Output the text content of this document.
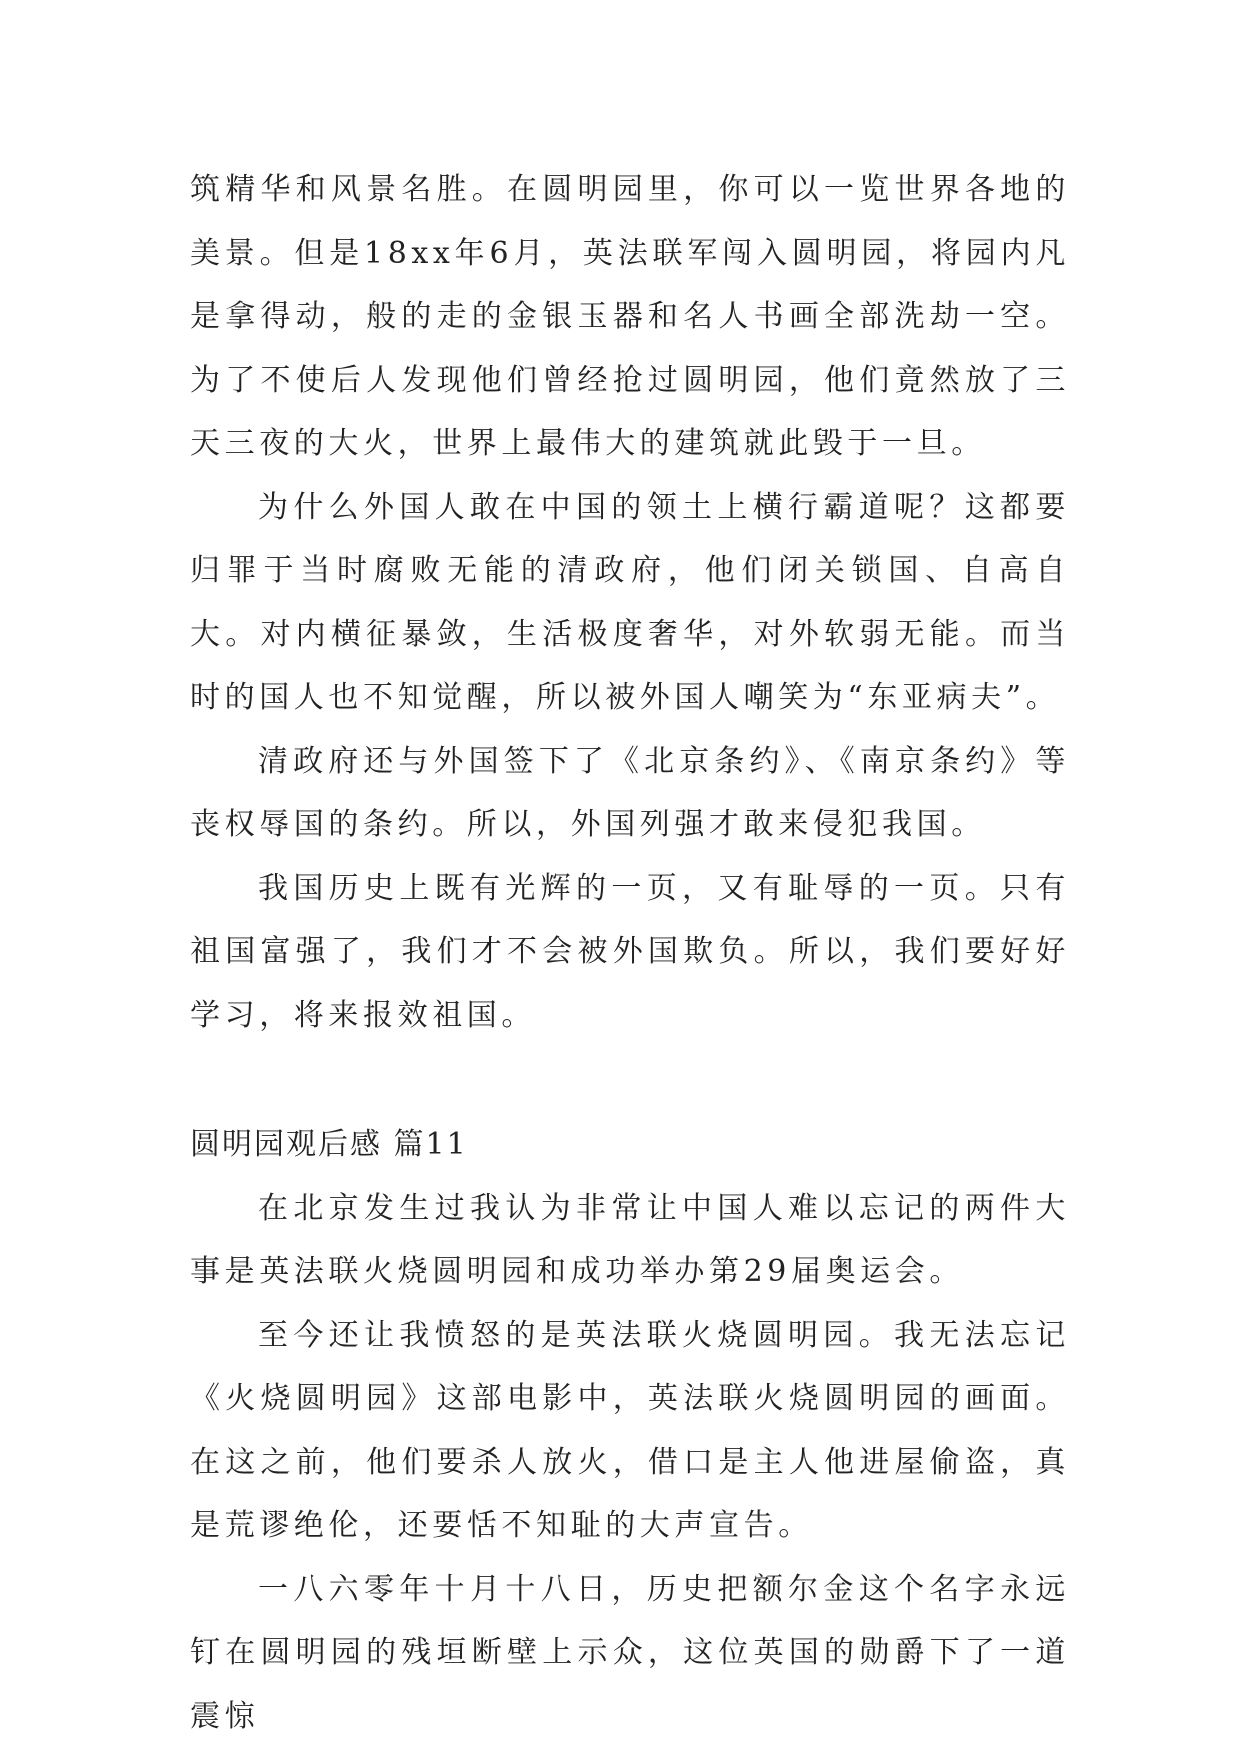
筑精华和风景名胜。在圆明园里，你可以一览世界各地的美景。但是18xx年6月，英法联军闯入圆明园，将园内凡是拿得动，般的走的金银玉器和名人书画全部洗劫一空。为了不使后人发现他们曾经抢过圆明园，他们竟然放了三天三夜的大火，世界上最伟大的建筑就此毁于一旦。

为什么外国人敢在中国的领土上横行霸道呢？这都要归罪于当时腐败无能的清政府，他们闭关锁国、自高自大。对内横征暴敛，生活极度奢华，对外软弱无能。而当时的国人也不知觉醒，所以被外国人嘲笑为“东亚病夫”。

清政府还与外国签下了《北京条约》、《南京条约》等丧权辱国的条约。所以，外国列强才敢来侵犯我国。

我国历史上既有光辉的一页，又有耻辱的一页。只有祖国富强了，我们才不会被外国欺负。所以，我们要好好学习，将来报效祖国。

圆明园观后感 篇11

在北京发生过我认为非常让中国人难以忘记的两件大事是英法联火烧圆明园和成功举办第29届奥运会。

至今还让我愤怒的是英法联火烧圆明园。我无法忘记《火烧圆明园》这部电影中，英法联火烧圆明园的画面。在这之前，他们要杀人放火，借口是主人他进屋偷盗，真是荒谬绝伦，还要恬不知耻的大声宣告。

一八六零年十月十八日，历史把额尔金这个名字永远钉在圆明园的残垣断壁上示众，这位英国的勋爵下了一道震惊
